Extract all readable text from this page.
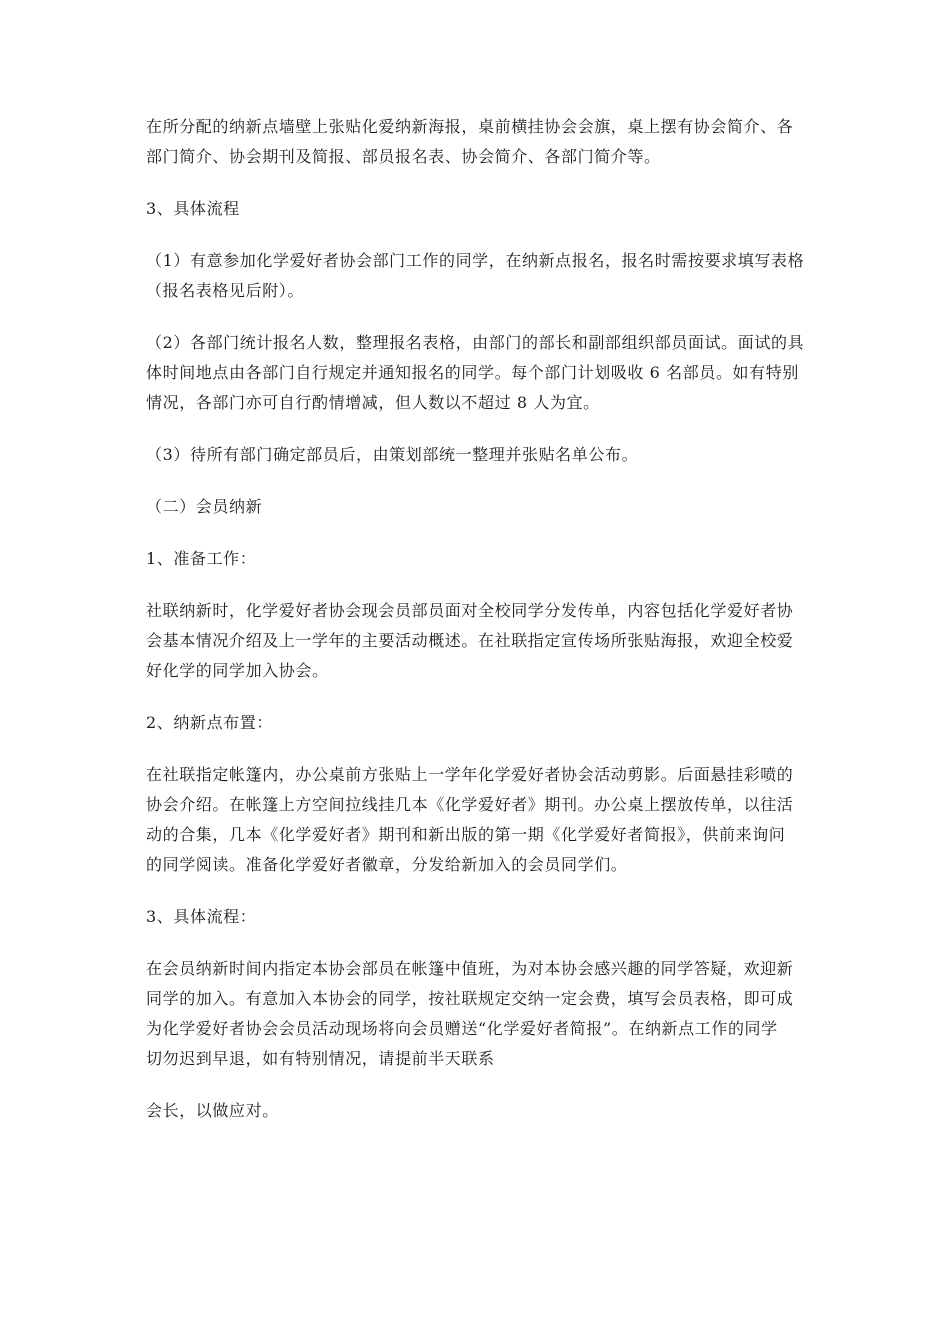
在所分配的纳新点墙壁上张贴化爱纳新海报，桌前横挂协会会旗，桌上摆有协会简介、各
部门简介、协会期刊及简报、部员报名表、协会简介、各部门简介等。
3、具体流程
（1）有意参加化学爱好者协会部门工作的同学，在纳新点报名，报名时需按要求填写表格
（报名表格见后附）。
（2）各部门统计报名人数，整理报名表格，由部门的部长和副部组织部员面试。面试的具
体时间地点由各部门自行规定并通知报名的同学。每个部门计划吸收 6 名部员。如有特别
情况，各部门亦可自行酌情增减，但人数以不超过 8 人为宜。
（3）待所有部门确定部员后，由策划部统一整理并张贴名单公布。
（二）会员纳新
1、准备工作：
社联纳新时，化学爱好者协会现会员部员面对全校同学分发传单，内容包括化学爱好者协
会基本情况介绍及上一学年的主要活动概述。在社联指定宣传场所张贴海报，欢迎全校爱
好化学的同学加入协会。
2、纳新点布置：
在社联指定帐篷内，办公桌前方张贴上一学年化学爱好者协会活动剪影。后面悬挂彩喷的
协会介绍。在帐篷上方空间拉线挂几本《化学爱好者》期刊。办公桌上摆放传单，以往活
动的合集，几本《化学爱好者》期刊和新出版的第一期《化学爱好者简报》，供前来询问
的同学阅读。准备化学爱好者徽章，分发给新加入的会员同学们。
3、具体流程：
在会员纳新时间内指定本协会部员在帐篷中值班，为对本协会感兴趣的同学答疑，欢迎新
同学的加入。有意加入本协会的同学，按社联规定交纳一定会费，填写会员表格，即可成
为化学爱好者协会会员活动现场将向会员赠送“化学爱好者简报”。在纳新点工作的同学
切勿迟到早退，如有特别情况，请提前半天联系
会长，以做应对。
